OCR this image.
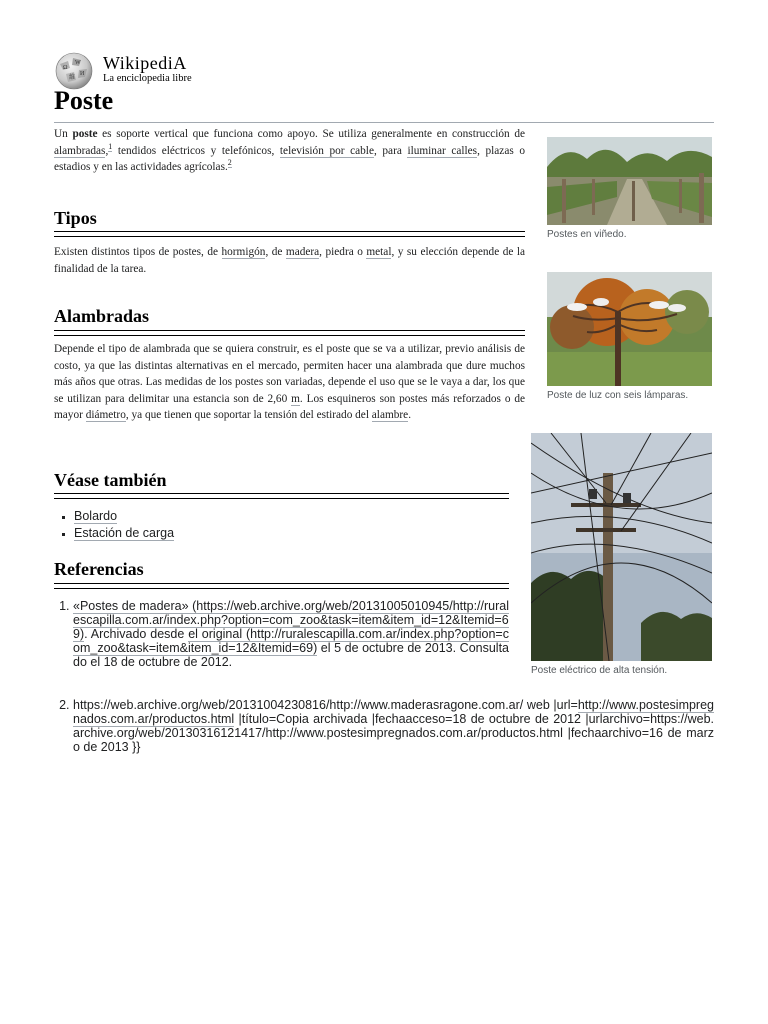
Ω
W
維
И
WikipediA
La enciclopedia libre
Poste

Un poste es soporte vertical que funciona como apoyo. Se utiliza generalmente en construcción de alambradas,$^1$ tendidos eléctricos y telefónicos, televisión por cable, para iluminar calles, plazas o estadios y en las actividades agrícolas.$^2$

Tipos

Existen distintos tipos de postes, de hormigón, de madera, piedra o metal, y su elección depende de la finalidad de la tarea.

Alambradas

Depende el tipo de alambrada que se quiera construir, es el poste que se va a utilizar, previo análisis de costo, ya que las distintas alternativas en el mercado, permiten hacer una alambrada que dure muchos más años que otras. Las medidas de los postes son variadas, depende el uso que se le vaya a dar, los que se utilizan para delimitar una estancia son de 2,60 m. Los esquineros son postes más reforzados o de mayor diámetro, ya que tienen que soportar la tensión del estirado del alambre.

Véase también
▪ Bolardo
▪ Estación de carga
Referencias
1. «Postes de madera» (https://web.archive.org/web/20131005010945/http://ruralescapilla.com.ar/index.php?option=com_zoo&task=item&item_id=12&Itemid=69). Archivado desde el original (http://ruralescapilla.com.ar/index.php?option=com_zoo&task=item&item_id=12&Itemid=69) el 5 de octubre de 2013. Consultado el 18 de octubre de 2012.
2. https://web.archive.org/web/20131004230816/http://www.maderasragone.com.ar/ web |url=http://www.postesimpregnados.com.ar/productos.html |título=Copia archivada |fechaacceso=18 de octubre de 2012 |urlarchivo=https://web.archive.org/web/20130316121417/http://www.postesimpregnados.com.ar/productos.html |fechaarchivo=16 de marzo de 2013 }}
Postes en viñedo.
Poste de luz con seis lámparas.
Poste eléctrico de alta tensión.
